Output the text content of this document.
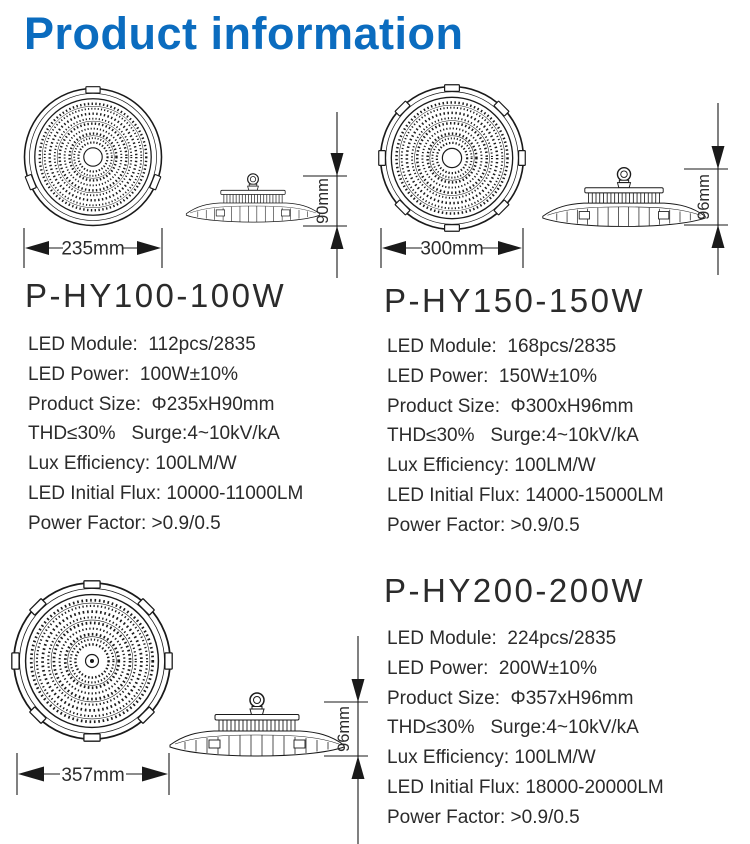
Product information
235mm
90mm
P-HY100-100W
LED Module:  112pcs/2835
LED Power:  100W±10%
Product Size:  Φ235xH90mm
THD≤30%   Surge:4~10kV/kA
Lux Efficiency: 100LM/W
LED Initial Flux: 10000-11000LM
Power Factor: >0.9/0.5
300mm
96mm
P-HY150-150W
LED Module:  168pcs/2835
LED Power:  150W±10%
Product Size:  Φ300xH96mm
THD≤30%   Surge:4~10kV/kA
Lux Efficiency: 100LM/W
LED Initial Flux: 14000-15000LM
Power Factor: >0.9/0.5
357mm
96mm
P-HY200-200W
LED Module:  224pcs/2835
LED Power:  200W±10%
Product Size:  Φ357xH96mm
THD≤30%   Surge:4~10kV/kA
Lux Efficiency: 100LM/W
LED Initial Flux: 18000-20000LM
Power Factor: >0.9/0.5
